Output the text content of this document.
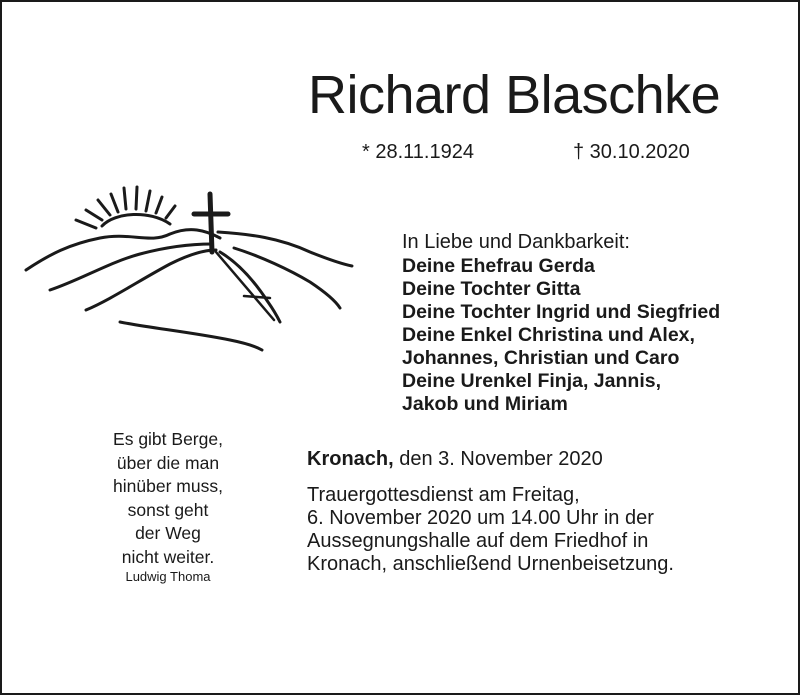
Richard Blaschke
* 28.11.1924	† 30.10.2020
In Liebe und Dankbarkeit:
Deine Ehefrau Gerda
Deine Tochter Gitta
Deine Tochter Ingrid und Siegfried
Deine Enkel Christina und Alex,
Johannes, Christian und Caro
Deine Urenkel Finja, Jannis,
Jakob und Miriam
Es gibt Berge,
über die man
hinüber muss,
sonst geht
der Weg
nicht weiter.
Ludwig Thoma
Kronach, den 3. November 2020
Trauergottesdienst am Freitag,
6. November 2020 um 14.00 Uhr in der
Aussegnungshalle auf dem Friedhof in
Kronach, anschließend Urnenbeisetzung.
